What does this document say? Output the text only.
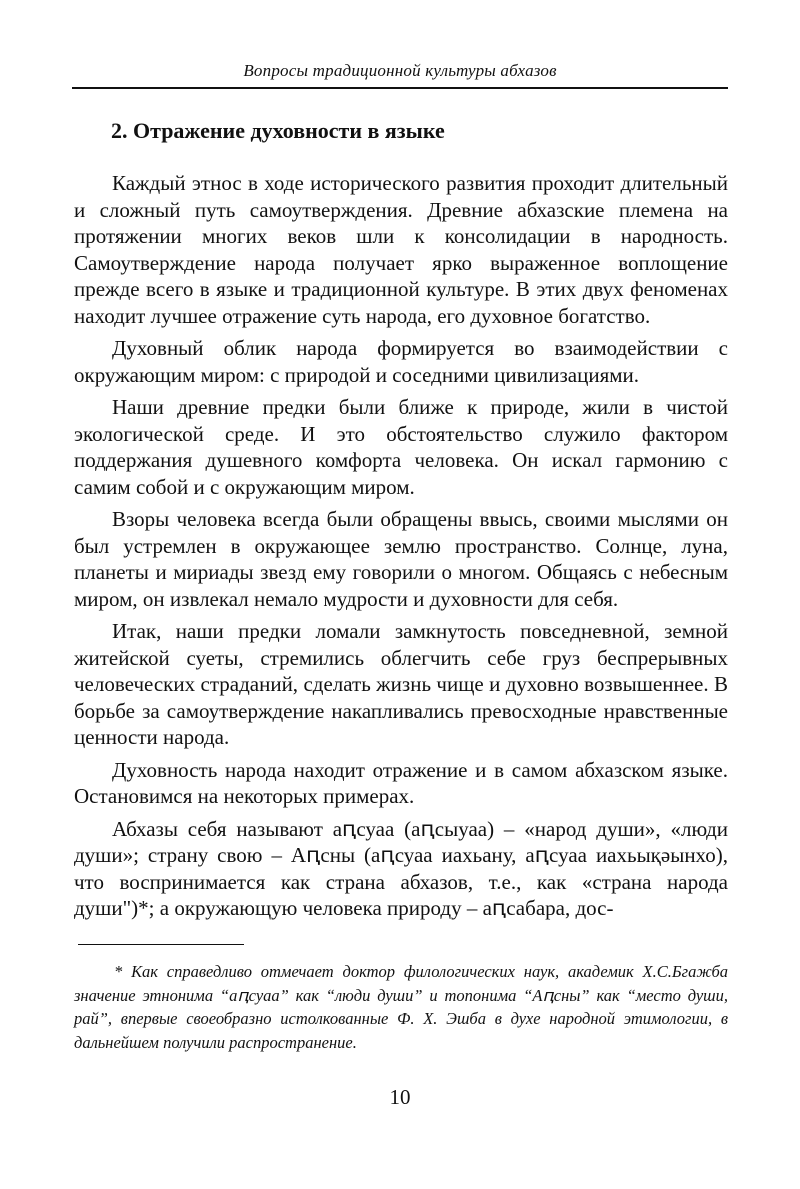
Вопросы традиционной культуры абхазов
2. Отражение духовности в языке

Каждый этнос в ходе исторического развития проходит длительный и сложный путь самоутверждения. Древние абхазские племена на протяжении многих веков шли к консолидации в народность. Самоутверждение народа получает ярко выраженное воплощение прежде всего в языке и традиционной культуре. В этих двух феноменах находит лучшее отражение суть народа, его духовное богатство.

Духовный облик народа формируется во взаимодействии с окружающим миром: с природой и соседними цивилизациями.

Наши древние предки были ближе к природе, жили в чистой экологической среде. И это обстоятельство служило фактором поддержания душевного комфорта человека. Он искал гармонию с самим собой и с окружающим миром.

Взоры человека всегда были обращены ввысь, своими мыслями он был устремлен в окружающее землю пространство. Солнце, луна, планеты и мириады звезд ему говорили о многом. Общаясь с небесным миром, он извлекал немало мудрости и духовности для себя.

Итак, наши предки ломали замкнутость повседневной, земной житейской суеты, стремились облегчить себе груз беспрерывных человеческих страданий, сделать жизнь чище и духовно возвышеннее. В борьбе за самоутверждение накапливались превосходные нравственные ценности народа.

Духовность народа находит отражение и в самом абхазском языке. Остановимся на некоторых примерах.

Абхазы себя называют аԥсуаа (аԥсыуаа) – «народ души», «люди души»; страну свою – Аԥсны (аԥсуаа иахьану, аԥсуаа иахьықәынхо), что воспринимается как страна абхазов, т.е., как «страна народа души")*; а окружающую человека природу – аԥсабара, дос-

* Как справедливо отмечает доктор филологических наук, академик Х.С.Бгажба значение этнонима “аԥсуаа” как “люди души” и топонима “Аԥсны” как “место души, рай”, впервые своеобразно истолкованные Ф. Х. Эшба в духе народной этимологии, в дальнейшем получили распространение.

10
